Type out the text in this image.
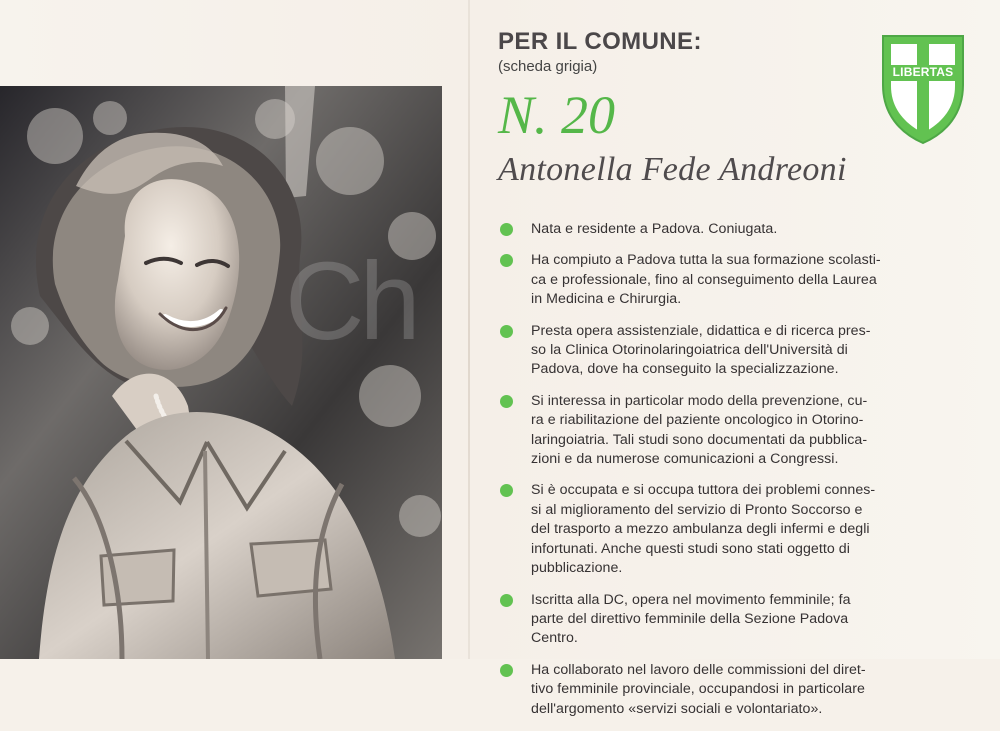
PER IL COMUNE:
(scheda grigia)
N. 20
Antonella Fede Andreoni
LIBERTAS
Nata e residente a Padova. Coniugata.
Ha compiuto a Padova tutta la sua formazione scolasti-
ca e professionale, fino al conseguimento della Laurea
in Medicina e Chirurgia.
Presta opera assistenziale, didattica e di ricerca pres-
so la Clinica Otorinolaringoiatrica dell'Università di
Padova, dove ha conseguito la specializzazione.
Si interessa in particolar modo della prevenzione, cu-
ra e riabilitazione del paziente oncologico in Otorino-
laringoiatria. Tali studi sono documentati da pubblica-
zioni e da numerose comunicazioni a Congressi.
Si è occupata e si occupa tuttora dei problemi connes-
si al miglioramento del servizio di Pronto Soccorso e
del trasporto a mezzo ambulanza degli infermi e degli
infortunati. Anche questi studi sono stati oggetto di
pubblicazione.
Iscritta alla DC, opera nel movimento femminile; fa
parte del direttivo femminile della Sezione Padova
Centro.
Ha collaborato nel lavoro delle commissioni del diret-
tivo femminile provinciale, occupandosi in particolare
dell'argomento «servizi sociali e volontariato».
